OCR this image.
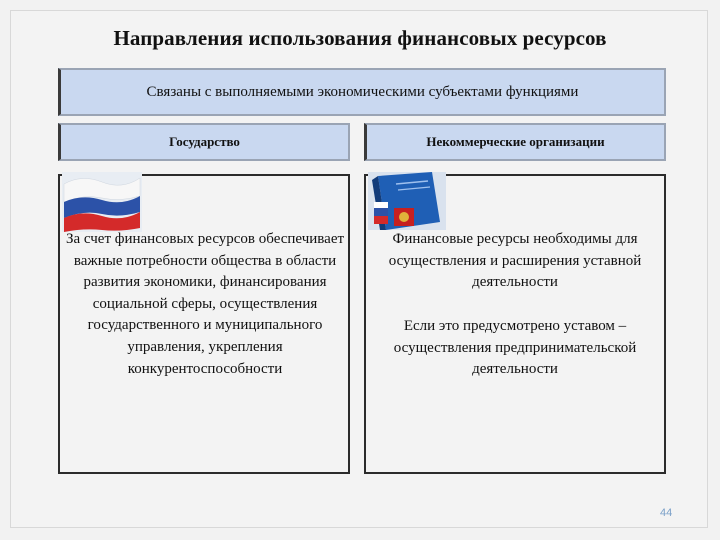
Направления использования финансовых ресурсов
Связаны с выполняемыми экономическими субъектами функциями
Государство	Некоммерческие организации
За счет финансовых ресурсов обеспечивает важные потребности общества в области развития экономики, финансирования социальной сферы, осуществления государственного и муниципального управления, укрепления конкурентоспособности
Финансовые ресурсы необходимы для осуществления и расширения уставной деятельности
Если это предусмотрено уставом – осуществления предпринимательской деятельности
44
